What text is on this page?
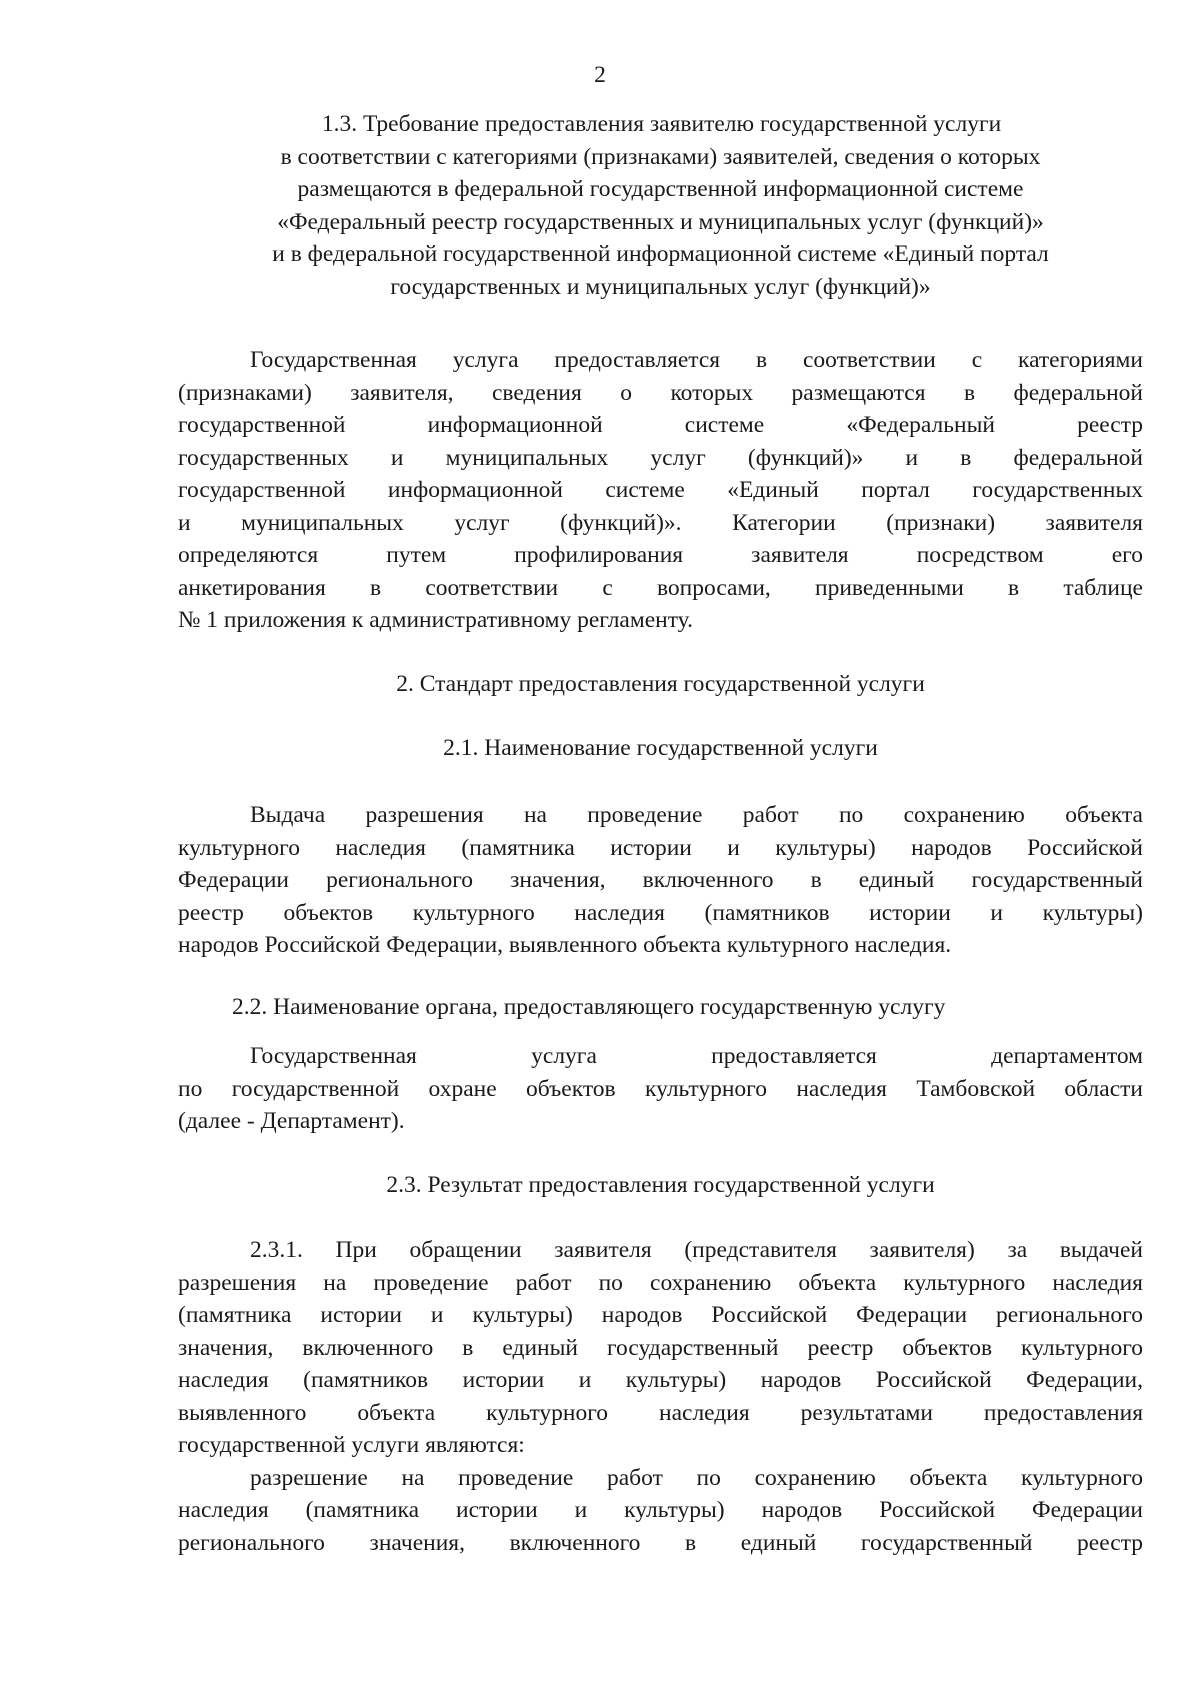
2
1.3. Требование предоставления заявителю государственной услуги
в соответствии с категориями (признаками) заявителей, сведения о которых
размещаются в федеральной государственной информационной системе
«Федеральный реестр государственных и муниципальных услуг (функций)»
и в федеральной государственной информационной системе «Единый портал
государственных и муниципальных услуг (функций)»
Государственная услуга предоставляется в соответствии с категориями
(признаками) заявителя, сведения о которых размещаются в федеральной
государственной информационной системе «Федеральный реестр
государственных и муниципальных услуг (функций)» и в федеральной
государственной информационной системе «Единый портал государственных
и муниципальных услуг (функций)». Категории (признаки) заявителя
определяются путем профилирования заявителя посредством его
анкетирования в соответствии с вопросами, приведенными в таблице
№ 1 приложения к административному регламенту.
2. Стандарт предоставления государственной услуги
2.1. Наименование государственной услуги
Выдача разрешения на проведение работ по сохранению объекта
культурного наследия (памятника истории и культуры) народов Российской
Федерации регионального значения, включенного в единый государственный
реестр объектов культурного наследия (памятников истории и культуры)
народов Российской Федерации, выявленного объекта культурного наследия.
2.2. Наименование органа, предоставляющего государственную услугу
Государственная услуга предоставляется департаментом
по государственной охране объектов культурного наследия Тамбовской области
(далее - Департамент).
2.3. Результат предоставления государственной услуги
2.3.1. При обращении заявителя (представителя заявителя) за выдачей
разрешения на проведение работ по сохранению объекта культурного наследия
(памятника истории и культуры) народов Российской Федерации регионального
значения, включенного в единый государственный реестр объектов культурного
наследия (памятников истории и культуры) народов Российской Федерации,
выявленного объекта культурного наследия результатами предоставления
государственной услуги являются:
разрешение на проведение работ по сохранению объекта культурного
наследия (памятника истории и культуры) народов Российской Федерации
регионального значения, включенного в единый государственный реестр
